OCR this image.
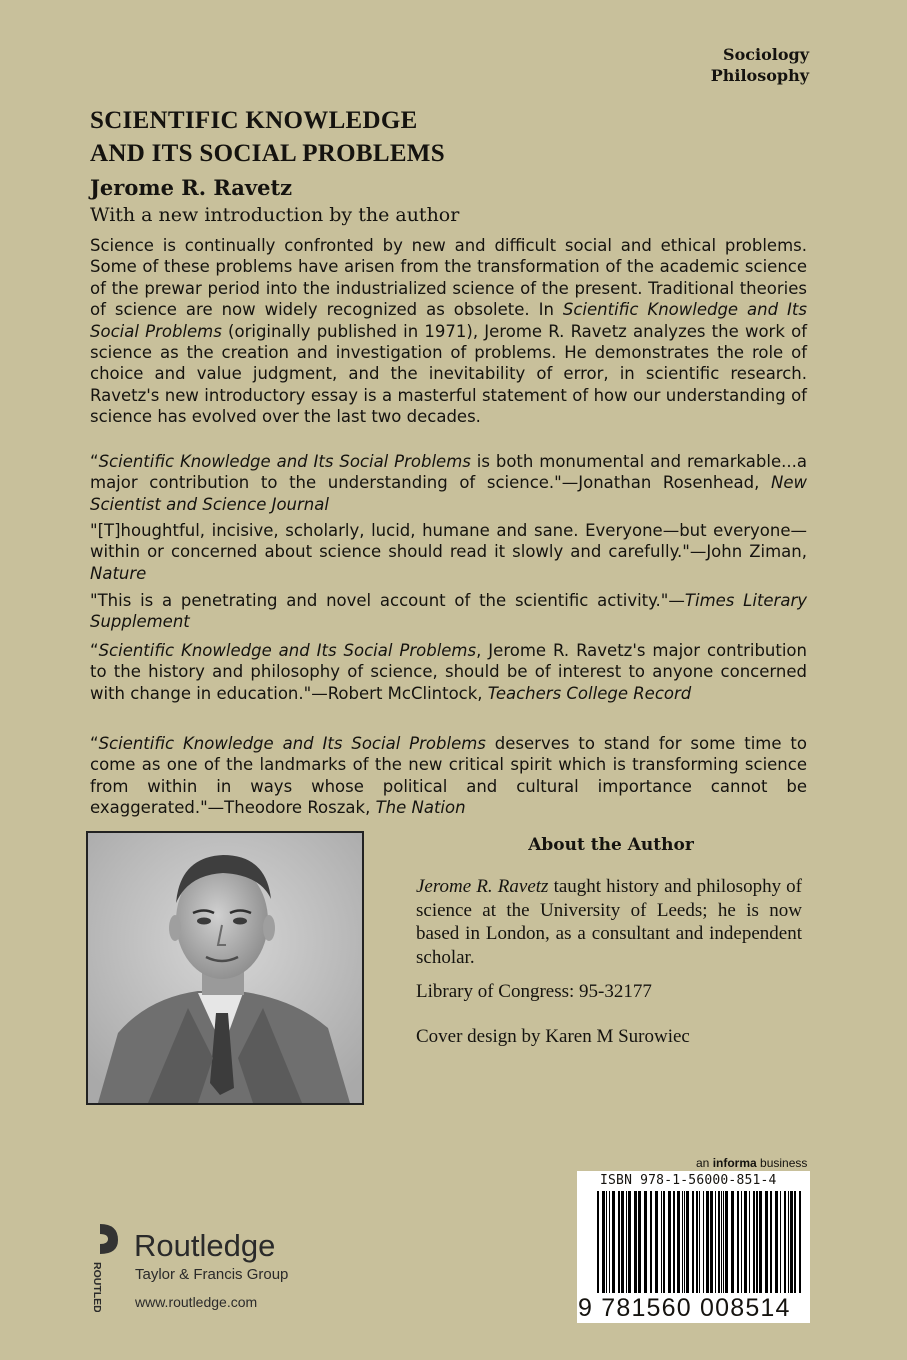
Sociology
Philosophy
SCIENTIFIC KNOWLEDGE
AND ITS SOCIAL PROBLEMS
Jerome R. Ravetz
With a new introduction by the author
Science is continually confronted by new and difficult social and ethical problems. Some of these problems have arisen from the transformation of the academic science of the prewar period into the industrialized science of the present. Traditional theories of science are now widely recognized as obsolete. In Scientific Knowledge and Its Social Problems (originally published in 1971), Jerome R. Ravetz analyzes the work of science as the creation and investigation of problems. He demonstrates the role of choice and value judgment, and the inevitability of error, in scientific research. Ravetz's new introductory essay is a masterful statement of how our understanding of science has evolved over the last two decades.
“Scientific Knowledge and Its Social Problems is both monumental and remarkable...a major contribution to the understanding of science."—Jonathan Rosenhead, New Scientist and Science Journal
"[T]houghtful, incisive, scholarly, lucid, humane and sane. Everyone—but everyone—within or concerned about science should read it slowly and carefully."—John Ziman, Nature
"This is a penetrating and novel account of the scientific activity."—Times Literary Supplement
“Scientific Knowledge and Its Social Problems, Jerome R. Ravetz's major contribution to the history and philosophy of science, should be of interest to anyone concerned with change in education."—Robert McClintock, Teachers College Record
“Scientific Knowledge and Its Social Problems deserves to stand for some time to come as one of the landmarks of the new critical spirit which is transforming science from within in ways whose political and cultural importance cannot be exaggerated."—Theodore Roszak, The Nation
About the Author
Jerome R. Ravetz taught history and philosophy of science at the University of Leeds; he is now based in London, as a consultant and independent scholar.
Library of Congress: 95-32177
Cover design by Karen M Surowiec
an informa business
ISBN 978-1-56000-851-4
9 781560 008514
ROUTLEDGE
Routledge
Taylor & Francis Group
www.routledge.com
